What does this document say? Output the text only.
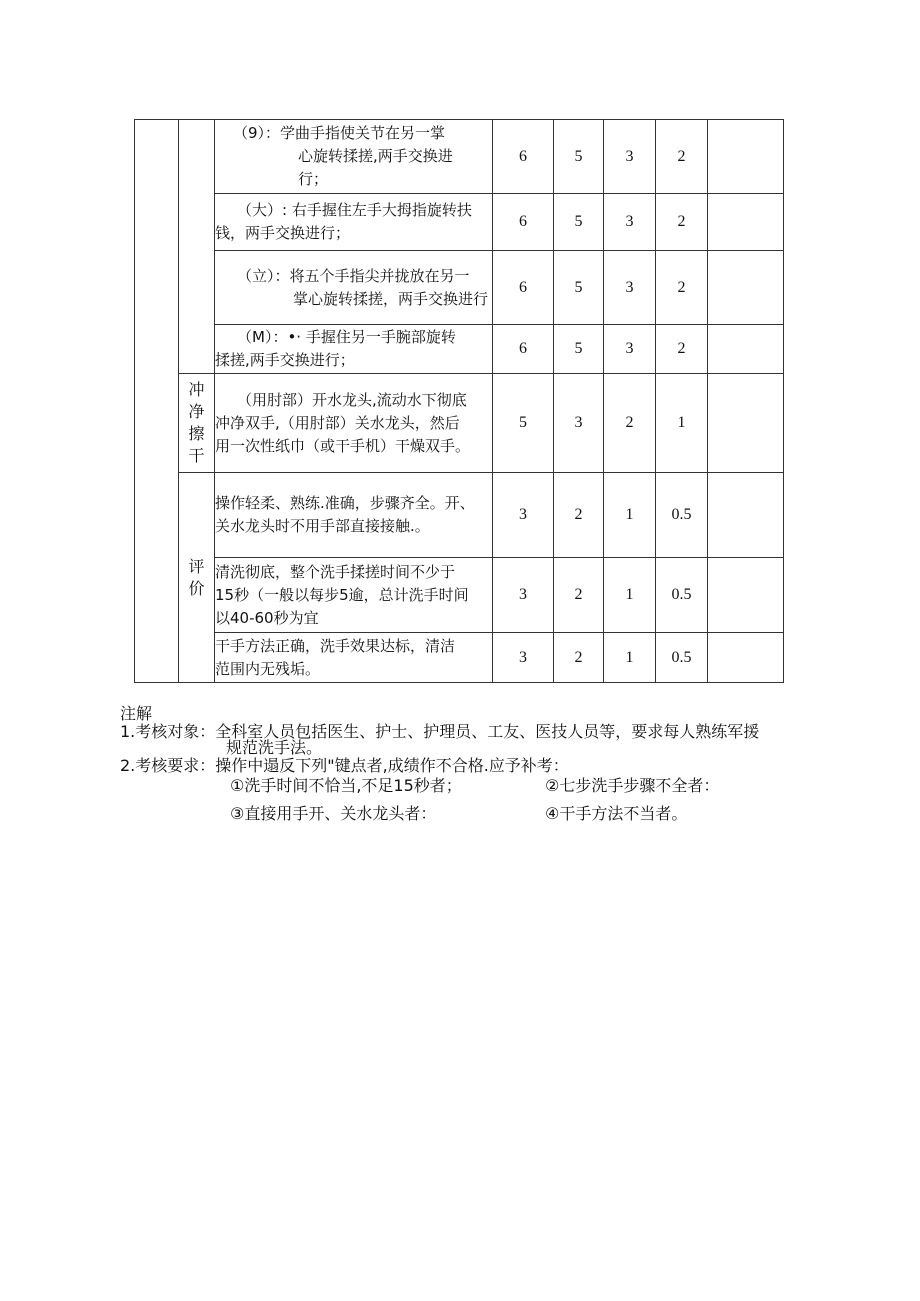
		（9）：学曲手指使关节在另一掌
心旋转揉搓,两手交换进
行；	6	5	3	2	

		（大）: 右手握住左手大拇指旋转扶
钱，两手交换进行；	6	5	3	2	

		（立）：将五个手指尖并拢放在另一
掌心旋转揉搓，两手交换进行	6	5	3	2	

		（M）：•· 手握住另一手腕部旋转
揉搓,两手交换进行；	6	5	3	2	
	冲净擦干	（用肘部）开水龙头,流动水下彻底
冲净双手,（用肘部）关水龙头，然后
用一次性纸巾（或干手机）干燥双手。	5	3	2	1	
	评价	操作轻柔、熟练.准确，步骤齐全。开、
关水龙头时不用手部直接接触.。	3	2	1	0.5	
		清洗彻底，整个洗手揉搓时间不少于
15秒（一般以每步5逾，总计洗手时间
以40-60秒为宜	3	2	1	0.5	
		干手方法正确，洗手效果达标，清洁
范围内无残垢。	3	2	1	0.5	
注解
1.考核对象：全科室人员包括医生、护士、护理员、工友、医技人员等，要求每人熟练军援
规范洗手法。
2.考核要求：操作中遢反下列"键点者,成绩作不合格.应予补考：
①洗手时间不恰当,不足15秒者；	②七步洗手步骤不全者：
③直接用手开、关水龙头者：	④干手方法不当者。
